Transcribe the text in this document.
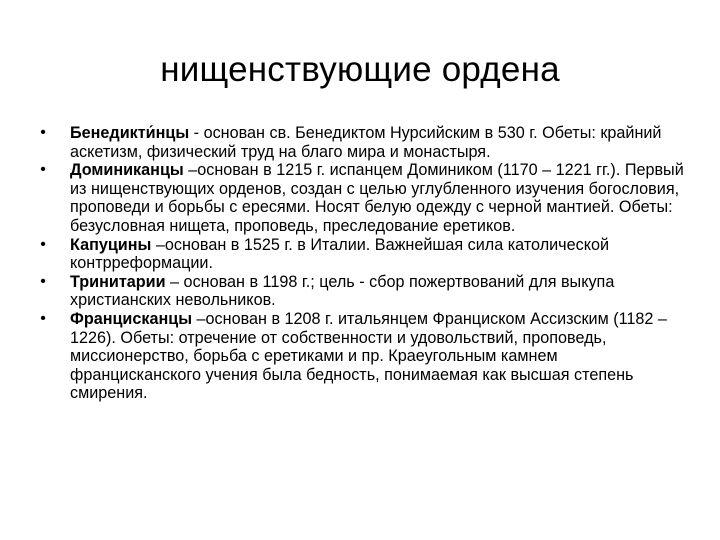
нищенствующие ордена
• Бенедикти́нцы - основан св. Бенедиктом Нурсийским в 530 г. Обеты: крайний аскетизм, физический труд на благо мира и монастыря.
• Доминиканцы –основан в 1215 г. испанцем Домиником (1170 – 1221 гг.). Первый из нищенствующих орденов, создан с целью углубленного изучения богословия, проповеди и борьбы с ересями. Носят белую одежду с черной мантией. Обеты: безусловная нищета, проповедь, преследование еретиков.
• Капуцины –основан в 1525 г. в Италии. Важнейшая сила католической контрреформации.
• Тринитарии – основан в 1198 г.; цель - сбор пожертвований для выкупа христианских невольников.
• Францисканцы –основан в 1208 г. итальянцем Франциском Ассизским (1182 – 1226). Обеты: отречение от собственности и удовольствий, проповедь, миссионерство, борьба с еретиками и пр. Краеугольным камнем францисканского учения была бедность, понимаемая как высшая степень смирения.
